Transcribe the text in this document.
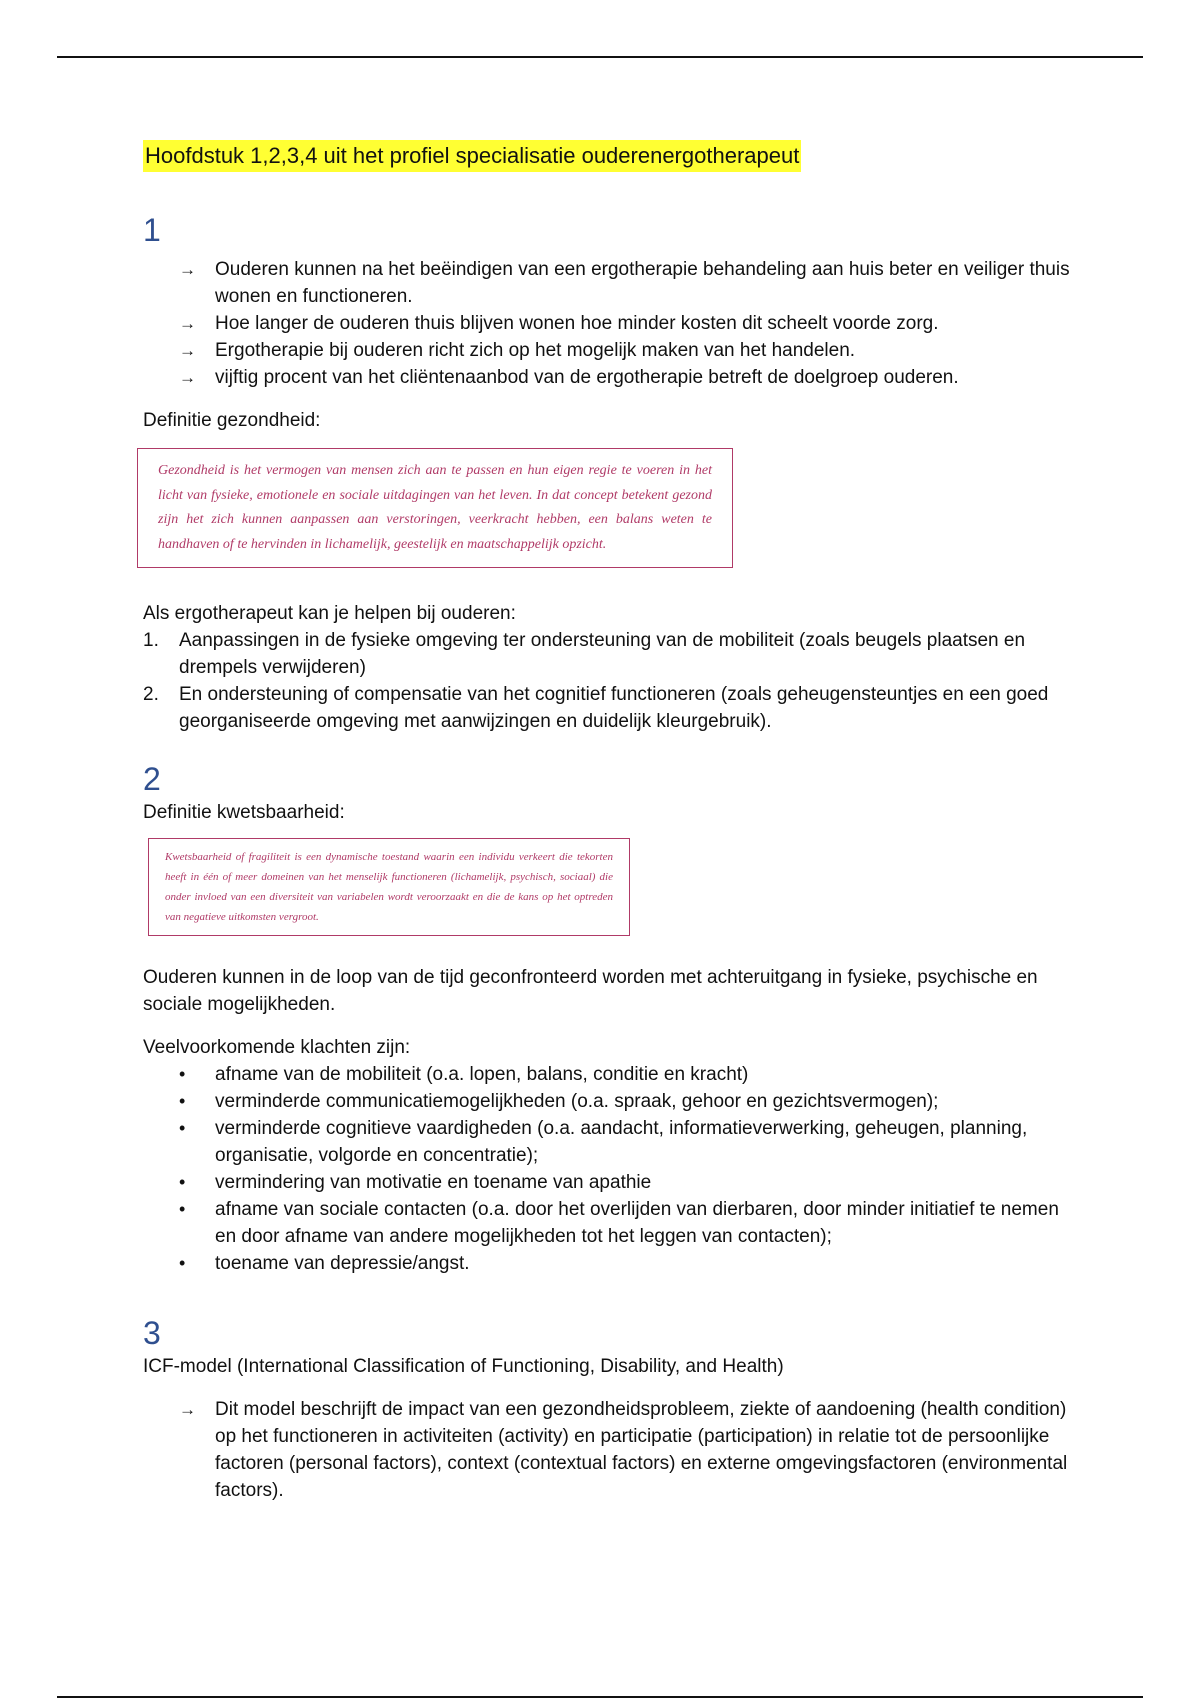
Hoofdstuk 1,2,3,4 uit het profiel specialisatie ouderenergotherapeut
1
→ Ouderen kunnen na het beëindigen van een ergotherapie behandeling aan huis beter en veiliger thuis wonen en functioneren.
→ Hoe langer de ouderen thuis blijven wonen hoe minder kosten dit scheelt voorde zorg.
→ Ergotherapie bij ouderen richt zich op het mogelijk maken van het handelen.
→ vijftig procent van het cliëntenaanbod van de ergotherapie betreft de doelgroep ouderen.
Definitie gezondheid:
Gezondheid is het vermogen van mensen zich aan te passen en hun eigen regie te voeren in het licht van fysieke, emotionele en sociale uitdagingen van het leven. In dat concept betekent gezond zijn het zich kunnen aanpassen aan verstoringen, veerkracht hebben, een balans weten te handhaven of te hervinden in lichamelijk, geestelijk en maatschappelijk opzicht.
Als ergotherapeut kan je helpen bij ouderen:
1. Aanpassingen in de fysieke omgeving ter ondersteuning van de mobiliteit (zoals beugels plaatsen en drempels verwijderen)
2. En ondersteuning of compensatie van het cognitief functioneren (zoals geheugensteuntjes en een goed georganiseerde omgeving met aanwijzingen en duidelijk kleurgebruik).
2
Definitie kwetsbaarheid:
Kwetsbaarheid of fragiliteit is een dynamische toestand waarin een individu verkeert die tekorten heeft in één of meer domeinen van het menselijk functioneren (lichamelijk, psychisch, sociaal) die onder invloed van een diversiteit van variabelen wordt veroorzaakt en die de kans op het optreden van negatieve uitkomsten vergroot.
Ouderen kunnen in de loop van de tijd geconfronteerd worden met achteruitgang in fysieke, psychische en sociale mogelijkheden.
Veelvoorkomende klachten zijn:
• afname van de mobiliteit (o.a. lopen, balans, conditie en kracht)
• verminderde communicatiemogelijkheden (o.a. spraak, gehoor en gezichtsvermogen);
• verminderde cognitieve vaardigheden (o.a. aandacht, informatieverwerking, geheugen, planning, organisatie, volgorde en concentratie);
• vermindering van motivatie en toename van apathie
• afname van sociale contacten (o.a. door het overlijden van dierbaren, door minder initiatief te nemen en door afname van andere mogelijkheden tot het leggen van contacten);
• toename van depressie/angst.
3
ICF-model (International Classification of Functioning, Disability, and Health)
→ Dit model beschrijft de impact van een gezondheidsprobleem, ziekte of aandoening (health condition) op het functioneren in activiteiten (activity) en participatie (participation) in relatie tot de persoonlijke factoren (personal factors), context (contextual factors) en externe omgevingsfactoren (environmental factors).
